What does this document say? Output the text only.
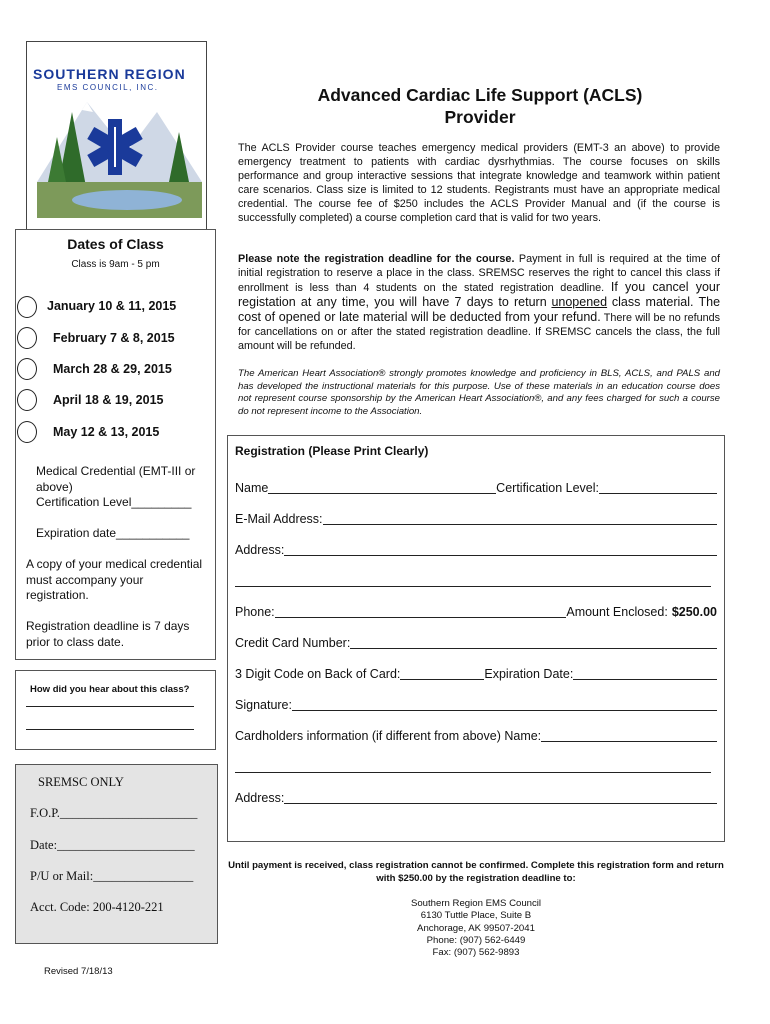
SOUTHERN REGION
EMS COUNCIL, INC.	Advanced Cardiac Life Support (ACLS)
Provider
The ACLS Provider course teaches emergency medical providers (EMT-3 an above) to provide emergency treatment to patients with cardiac dysrhythmias. The course focuses on skills performance and group interactive sessions that integrate knowledge and teamwork within patient care scenarios. Class size is limited to 12 students. Registrants must have an appropriate medical credential. The course fee of $250 includes the ACLS Provider Manual and (if the course is successfully completed) a course completion card that is valid for two years.
Please note the registration deadline for the course. Payment in full is required at the time of initial registration to reserve a place in the class. SREMSC reserves the right to cancel this class if enrollment is less than 4 students on the stated registration deadline. If you cancel your registation at any time, you will have 7 days to return unopened class material. The cost of opened or late material will be deducted from your refund. There will be no refunds for cancellations on or after the stated registration deadline. If SREMSC cancels the class, the full amount will be refunded.
The American Heart Association® strongly promotes knowledge and proficiency in BLS, ACLS, and PALS and has developed the instructional materials for this purpose. Use of these materials in an education course does not represent course sponsorship by the American Heart Association®, and any fees charged for such a course do not represent income to the Association.
Dates of Class
Class is 9am - 5 pm
January 10 & 11, 2015
February 7 & 8, 2015
March 28 & 29, 2015
April 18 & 19, 2015
May 12 & 13, 2015
Medical Credential (EMT-III or above)
Certification Level_________
Expiration date___________
A copy of your medical credential must accompany your registration.
Registration deadline is 7 days prior to class date.
How did you hear about this class?
SREMSC ONLY
F.O.P.______________________
Date:______________________
P/U or Mail:________________
Acct. Code: 200-4120-221
Revised 7/18/13
Registration (Please Print Clearly)
Name	Certification Level:
E-Mail Address:
Address:
Phone:	Amount Enclosed: $250.00
Credit Card Number:
3 Digit Code on Back of Card:	Expiration Date:
Signature:
Cardholders information (if different from above) Name:
Address:
Until payment is received, class registration cannot be confirmed. Complete this registration form and return with $250.00 by the registration deadline to:
Southern Region EMS Council
6130 Tuttle Place, Suite B
Anchorage, AK 99507-2041
Phone: (907) 562-6449
Fax: (907) 562-9893
